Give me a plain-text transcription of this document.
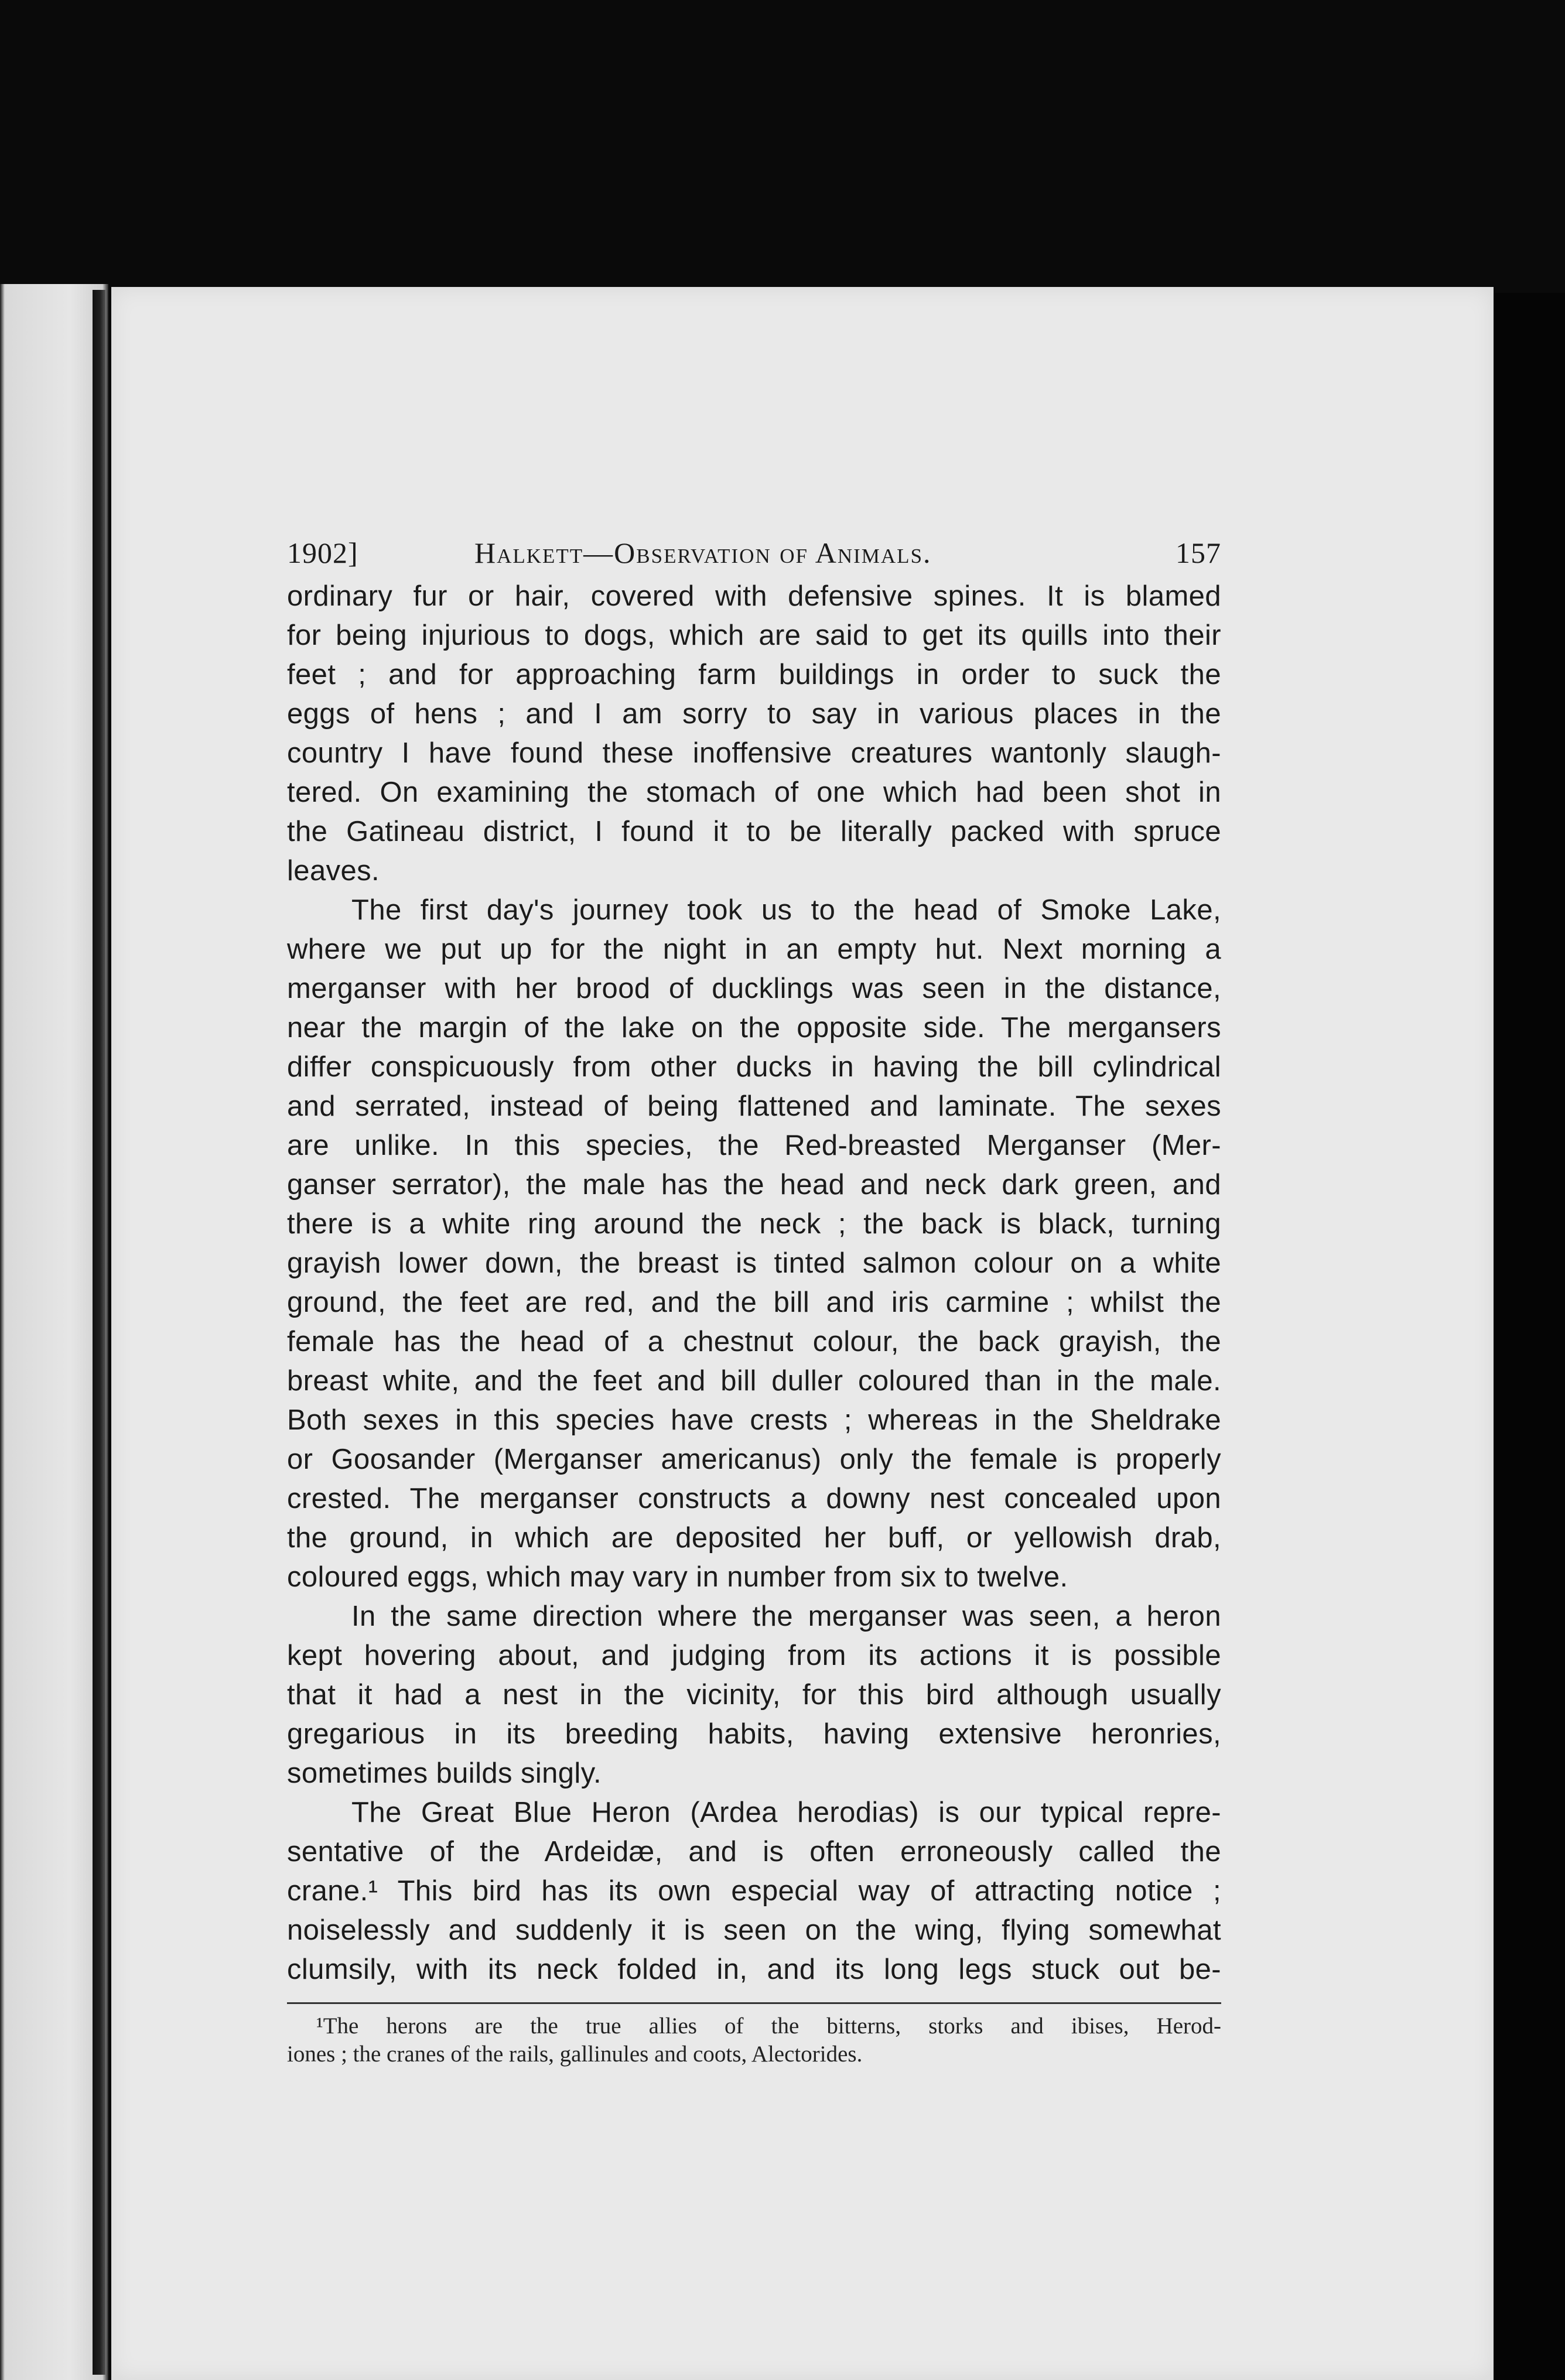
1902]	Halkett—Observation of Animals.	157
ordinary fur or hair, covered with defensive spines. It is blamed
for being injurious to dogs, which are said to get its quills into their
feet ; and for approaching farm buildings in order to suck the
eggs of hens ; and I am sorry to say in various places in the
country I have found these inoffensive creatures wantonly slaugh-
tered. On examining the stomach of one which had been shot in
the Gatineau district, I found it to be literally packed with spruce
leaves.
The first day's journey took us to the head of Smoke Lake,
where we put up for the night in an empty hut. Next morning a
merganser with her brood of ducklings was seen in the distance,
near the margin of the lake on the opposite side. The mergansers
differ conspicuously from other ducks in having the bill cylindrical
and serrated, instead of being flattened and laminate. The sexes
are unlike. In this species, the Red-breasted Merganser (Mer-
ganser serrator), the male has the head and neck dark green, and
there is a white ring around the neck ; the back is black, turning
grayish lower down, the breast is tinted salmon colour on a white
ground, the feet are red, and the bill and iris carmine ; whilst the
female has the head of a chestnut colour, the back grayish, the
breast white, and the feet and bill duller coloured than in the male.
Both sexes in this species have crests ; whereas in the Sheldrake
or Goosander (Merganser americanus) only the female is properly
crested. The merganser constructs a downy nest concealed upon
the ground, in which are deposited her buff, or yellowish drab,
coloured eggs, which may vary in number from six to twelve.
In the same direction where the merganser was seen, a heron
kept hovering about, and judging from its actions it is possible
that it had a nest in the vicinity, for this bird although usually
gregarious in its breeding habits, having extensive heronries,
sometimes builds singly.
The Great Blue Heron (Ardea herodias) is our typical repre-
sentative of the Ardeidæ, and is often erroneously called the
crane.¹ This bird has its own especial way of attracting notice ;
noiselessly and suddenly it is seen on the wing, flying somewhat
clumsily, with its neck folded in, and its long legs stuck out be-
¹The herons are the true allies of the bitterns, storks and ibises, Herod-
iones ; the cranes of the rails, gallinules and coots, Alectorides.
